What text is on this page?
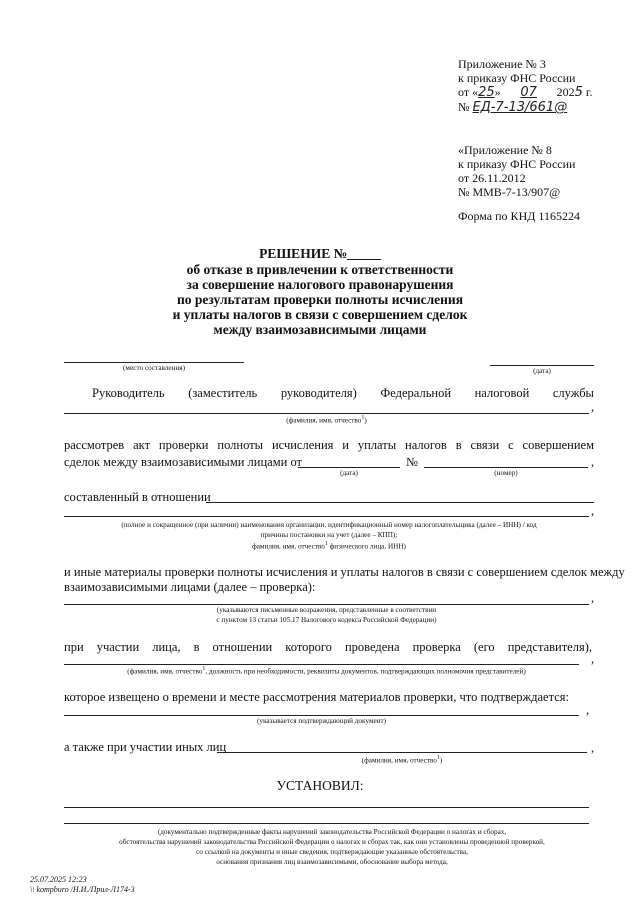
Приложение № 3
к приказу ФНС России
от «25» 07 2025 г.
№ ЕД-7-13/661@
«Приложение № 8
к приказу ФНС России
от 26.11.2012
№ ММВ-7-13/907@
Форма по КНД 1165224
РЕШЕНИЕ №_____
об отказе в привлечении к ответственности
за совершение налогового правонарушения
по результатам проверки полноты исчисления
и уплаты налогов в связи с совершением сделок
между взаимозависимыми лицами
(место составления)	(дата)
Руководитель (заместитель руководителя) Федеральной налоговой службы
,
(фамилия, имя, отчество$^1$)
рассмотрев акт проверки полноты исчисления и уплаты налогов в связи с совершением
сделок между взаимозависимыми лицами от	№	,
(дата)	(номер)
составленный в отношении
,
(полное и сокращенное (при наличии) наименования организации, идентификационный номер налогоплательщика (далее – ИНН) / код
причины постановки на учет (далее – КПП);
фамилия, имя, отчество$^1$ физического лица, ИНН)
и иные материалы проверки полноты исчисления и уплаты налогов в связи с совершением сделок между
взаимозависимыми лицами (далее – проверка):
,
(указываются письменные возражения, представленные в соответствии
с пунктом 13 статьи 105.17 Налогового кодекса Российской Федерации)
при участии лица, в отношении которого проведена проверка (его представителя),
,
(фамилия, имя, отчество$^1$, должность при необходимости, реквизиты документов, подтверждающих полномочия представителей)
которое извещено о времени и месте рассмотрения материалов проверки, что подтверждается:
,
(указывается подтверждающий документ)
а также при участии иных лиц	,
(фамилия, имя, отчество$^1$)
УСТАНОВИЛ:
(документально подтвержденные факты нарушений законодательства Российской Федерации о налогах и сборах,
обстоятельства нарушений законодательства Российской Федерации о налогах и сборах так, как они установлены проведенной проверкой,
со ссылкой на документы и иные сведения, подтверждающие указанные обстоятельства,
основания признания лиц взаимозависимыми, обоснование выбора метода,
25.07.2025 12:23
\\ kompburo /Н.И./Прил-Л174-3
